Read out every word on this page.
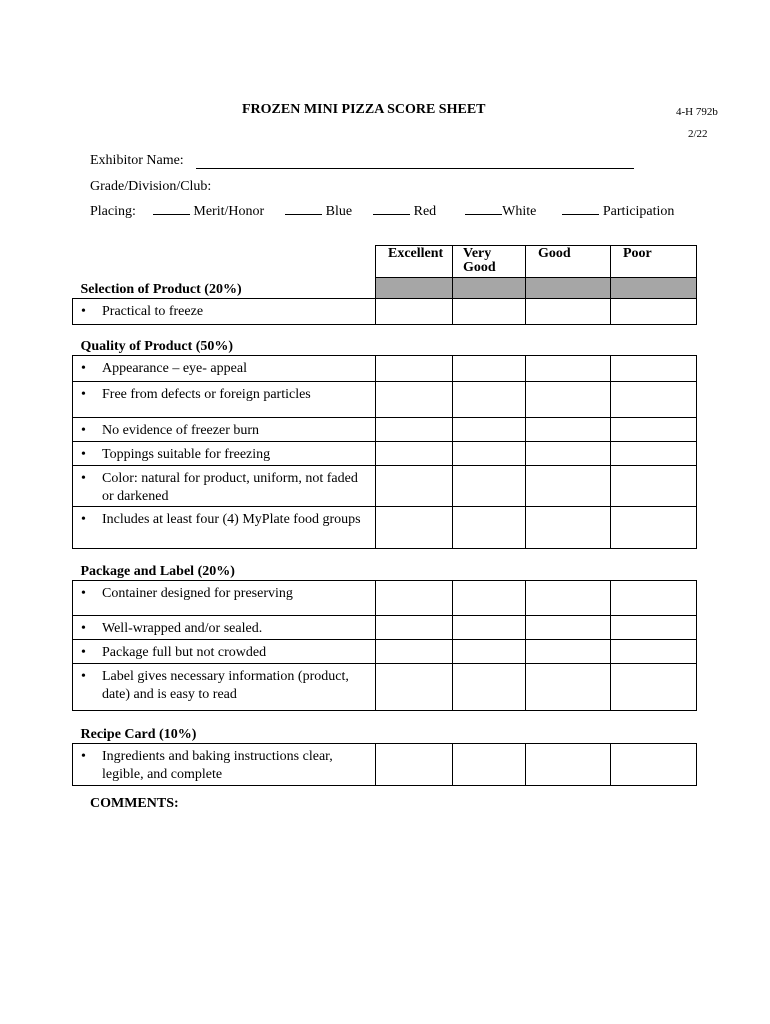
FROZEN MINI PIZZA SCORE SHEET	4-H 792b
2/22
Exhibitor Name:
Grade/Division/Club:
Placing:	Merit/Honor	Blue	Red	White	Participation
	Excellent	Very Good	Good	Poor
Selection of Product (20%)				

• Practical to freeze				
Quality of Product (50%)				

• Appearance – eye- appeal				

• Free from defects or foreign particles				

• No evidence of freezer burn				

• Toppings suitable for freezing				

• Color: natural for product, uniform, not faded or darkened				

• Includes at least four (4) MyPlate food groups				
Package and Label (20%)				

• Container designed for preserving				

• Well-wrapped and/or sealed.				

• Package full but not crowded				

• Label gives necessary information (product, date) and is easy to read				
Recipe Card (10%)				

• Ingredients and baking instructions clear, legible, and complete				
COMMENTS:
